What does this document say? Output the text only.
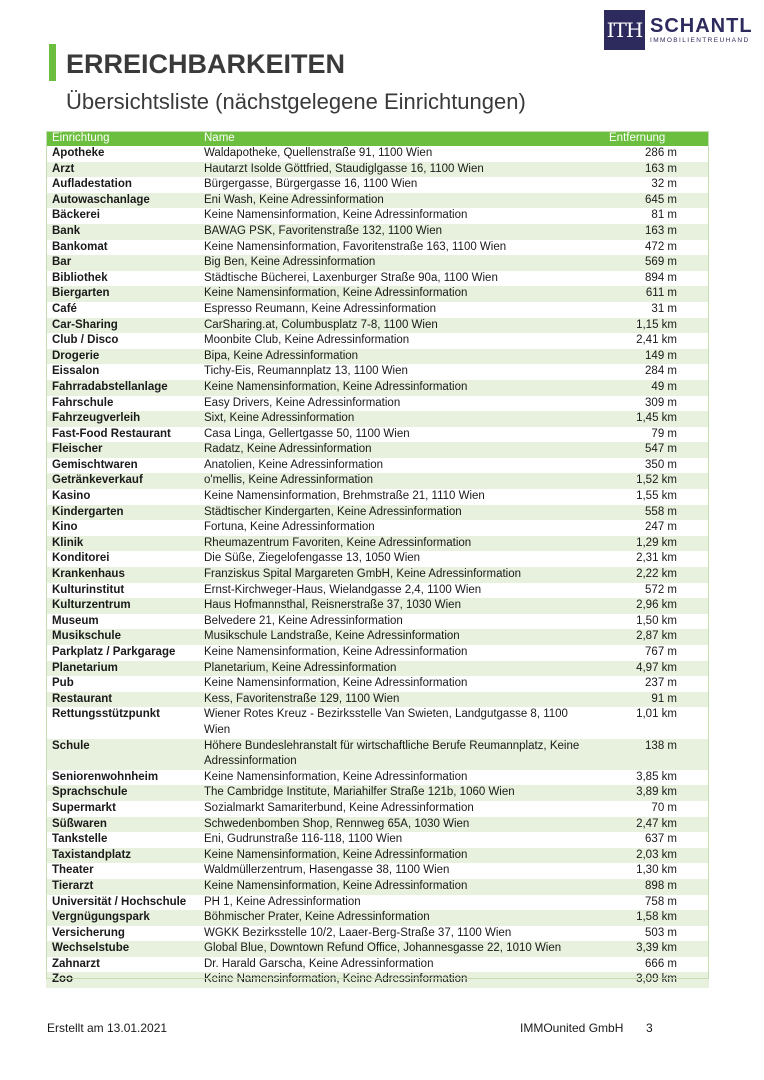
ITH SCHANTL
IMMOBILIENTREUHAND
ERREICHBARKEITEN
Übersichtsliste (nächstgelegene Einrichtungen)
Einrichtung	Name	Entfernung
Apotheke	Waldapotheke, Quellenstraße 91, 1100 Wien	286 m
Arzt	Hautarzt Isolde Göttfried, Staudiglgasse 16, 1100 Wien	163 m
Aufladestation	Bürgergasse, Bürgergasse 16, 1100 Wien	32 m
Autowaschanlage	Eni Wash, Keine Adressinformation	645 m
Bäckerei	Keine Namensinformation, Keine Adressinformation	81 m
Bank	BAWAG PSK, Favoritenstraße 132, 1100 Wien	163 m
Bankomat	Keine Namensinformation, Favoritenstraße 163, 1100 Wien	472 m
Bar	Big Ben, Keine Adressinformation	569 m
Bibliothek	Städtische Bücherei, Laxenburger Straße 90a, 1100 Wien	894 m
Biergarten	Keine Namensinformation, Keine Adressinformation	611 m
Café	Espresso Reumann, Keine Adressinformation	31 m
Car-Sharing	CarSharing.at, Columbusplatz 7-8, 1100 Wien	1,15 km
Club / Disco	Moonbite Club, Keine Adressinformation	2,41 km
Drogerie	Bipa, Keine Adressinformation	149 m
Eissalon	Tichy-Eis, Reumannplatz 13, 1100 Wien	284 m
Fahrradabstellanlage	Keine Namensinformation, Keine Adressinformation	49 m
Fahrschule	Easy Drivers, Keine Adressinformation	309 m
Fahrzeugverleih	Sixt, Keine Adressinformation	1,45 km
Fast-Food Restaurant	Casa Linga, Gellertgasse 50, 1100 Wien	79 m
Fleischer	Radatz, Keine Adressinformation	547 m
Gemischtwaren	Anatolien, Keine Adressinformation	350 m
Getränkeverkauf	o'mellis, Keine Adressinformation	1,52 km
Kasino	Keine Namensinformation, Brehmstraße 21, 1110 Wien	1,55 km
Kindergarten	Städtischer Kindergarten, Keine Adressinformation	558 m
Kino	Fortuna, Keine Adressinformation	247 m
Klinik	Rheumazentrum Favoriten, Keine Adressinformation	1,29 km
Konditorei	Die Süße, Ziegelofengasse 13, 1050 Wien	2,31 km
Krankenhaus	Franziskus Spital Margareten GmbH, Keine Adressinformation	2,22 km
Kulturinstitut	Ernst-Kirchweger-Haus, Wielandgasse 2,4, 1100 Wien	572 m
Kulturzentrum	Haus Hofmannsthal, Reisnerstraße 37, 1030 Wien	2,96 km
Museum	Belvedere 21, Keine Adressinformation	1,50 km
Musikschule	Musikschule Landstraße, Keine Adressinformation	2,87 km
Parkplatz / Parkgarage	Keine Namensinformation, Keine Adressinformation	767 m
Planetarium	Planetarium, Keine Adressinformation	4,97 km
Pub	Keine Namensinformation, Keine Adressinformation	237 m
Restaurant	Kess, Favoritenstraße 129, 1100 Wien	91 m
Rettungsstützpunkt	Wiener Rotes Kreuz - Bezirksstelle Van Swieten, Landgutgasse 8, 1100 Wien	1,01 km
Schule	Höhere Bundeslehranstalt für wirtschaftliche Berufe Reumannplatz, Keine Adressinformation	138 m
Seniorenwohnheim	Keine Namensinformation, Keine Adressinformation	3,85 km
Sprachschule	The Cambridge Institute, Mariahilfer Straße 121b, 1060 Wien	3,89 km
Supermarkt	Sozialmarkt Samariterbund, Keine Adressinformation	70 m
Süßwaren	Schwedenbomben Shop, Rennweg 65A, 1030 Wien	2,47 km
Tankstelle	Eni, Gudrunstraße 116-118, 1100 Wien	637 m
Taxistandplatz	Keine Namensinformation, Keine Adressinformation	2,03 km
Theater	Waldmüllerzentrum, Hasengasse 38, 1100 Wien	1,30 km
Tierarzt	Keine Namensinformation, Keine Adressinformation	898 m
Universität / Hochschule	PH 1, Keine Adressinformation	758 m
Vergnügungspark	Böhmischer Prater, Keine Adressinformation	1,58 km
Versicherung	WGKK Bezirksstelle 10/2, Laaer-Berg-Straße 37, 1100 Wien	503 m
Wechselstube	Global Blue, Downtown Refund Office, Johannesgasse 22, 1010 Wien	3,39 km
Zahnarzt	Dr. Harald Garscha, Keine Adressinformation	666 m
Zoo	Keine Namensinformation, Keine Adressinformation	3,09 km
Erstellt am 13.01.2021	IMMOunited GmbH 3
